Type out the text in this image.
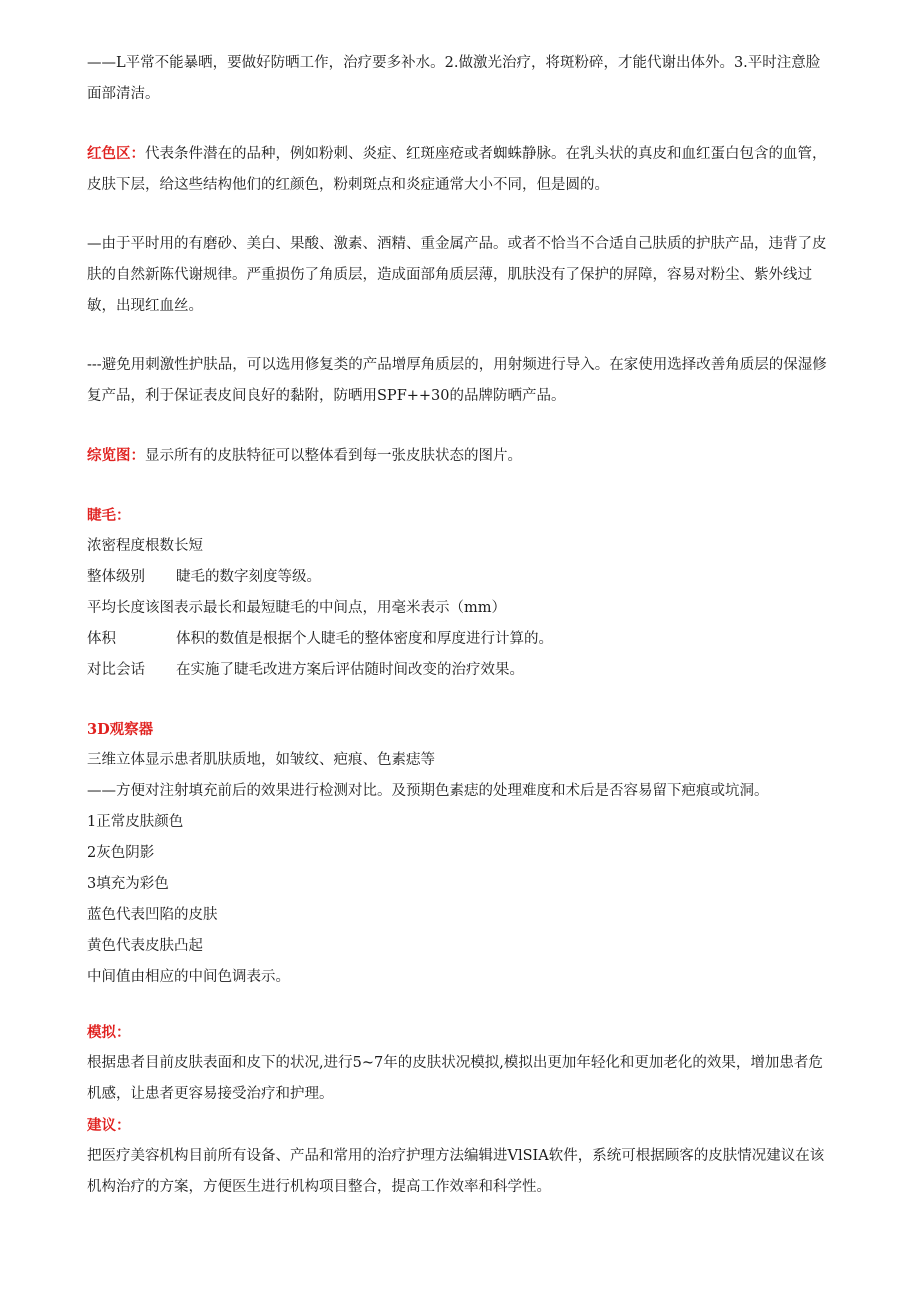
——L平常不能暴晒，要做好防晒工作，治疗要多补水。2.做激光治疗，将斑粉碎，才能代谢出体外。3.平时注意脸面部清洁。

红色区：代表条件潜在的品种，例如粉刺、炎症、红斑座疮或者蜘蛛静脉。在乳头状的真皮和血红蛋白包含的血管，皮肤下层，给这些结构他们的红颜色，粉刺斑点和炎症通常大小不同，但是圆的。

—由于平时用的有磨砂、美白、果酸、激素、酒精、重金属产品。或者不恰当不合适自己肤质的护肤产品，违背了皮肤的自然新陈代谢规律。严重损伤了角质层，造成面部角质层薄，肌肤没有了保护的屏障，容易对粉尘、紫外线过敏，出现红血丝。

---避免用刺激性护肤品，可以选用修复类的产品增厚角质层的，用射频进行导入。在家使用选择改善角质层的保湿修复产品，利于保证表皮间良好的黏附，防晒用SPF++30的品牌防晒产品。

综览图：显示所有的皮肤特征可以整体看到每一张皮肤状态的图片。

睫毛：

浓密程度根数长短

整体级别	睫毛的数字刻度等级。

平均长度该图表示最长和最短睫毛的中间点，用毫米表示（mm）

体积	体积的数值是根据个人睫毛的整体密度和厚度进行计算的。
对比会话	在实施了睫毛改进方案后评估随时间改变的治疗效果。

3D观察器

三维立体显示患者肌肤质地，如皱纹、疤痕、色素痣等

——方便对注射填充前后的效果进行检测对比。及预期色素痣的处理难度和术后是否容易留下疤痕或坑洞。

1正常皮肤颜色

2灰色阴影

3填充为彩色

蓝色代表凹陷的皮肤

黄色代表皮肤凸起

中间值由相应的中间色调表示。

模拟：

根据患者目前皮肤表面和皮下的状况,进行5~7年的皮肤状况模拟,模拟出更加年轻化和更加老化的效果，增加患者危机感，让患者更容易接受治疗和护理。

建议：

把医疗美容机构目前所有设备、产品和常用的治疗护理方法编辑进VlSIA软件，系统可根据顾客的皮肤情况建议在该机构治疗的方案，方便医生进行机构项目整合，提高工作效率和科学性。
